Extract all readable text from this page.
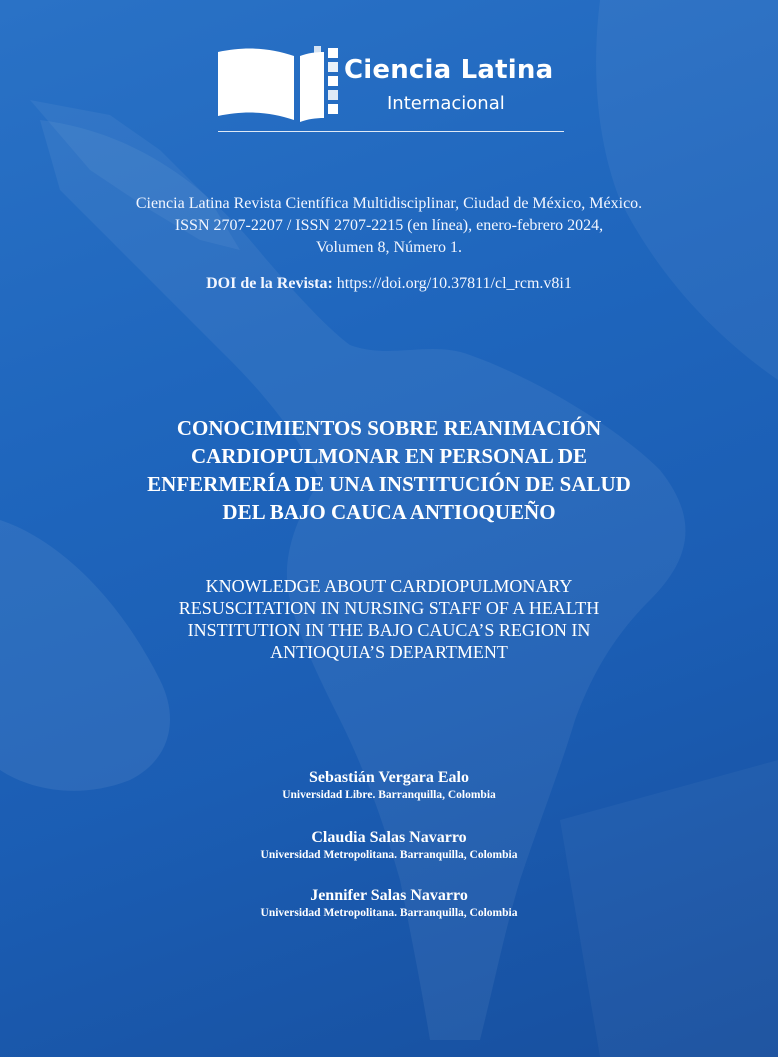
Ciencia Latina
Internacional
Ciencia Latina Revista Científica Multidisciplinar, Ciudad de México, México.
ISSN 2707-2207 / ISSN 2707-2215 (en línea), enero-febrero 2024,
Volumen 8, Número 1.
DOI de la Revista: https://doi.org/10.37811/cl_rcm.v8i1
CONOCIMIENTOS SOBRE REANIMACIÓN
CARDIOPULMONAR EN PERSONAL DE
ENFERMERÍA DE UNA INSTITUCIÓN DE SALUD
DEL BAJO CAUCA ANTIOQUEÑO
KNOWLEDGE ABOUT CARDIOPULMONARY
RESUSCITATION IN NURSING STAFF OF A HEALTH
INSTITUTION IN THE BAJO CAUCA’S REGION IN
ANTIOQUIA’S DEPARTMENT
Sebastián Vergara Ealo
Universidad Libre. Barranquilla, Colombia
Claudia Salas Navarro
Universidad Metropolitana. Barranquilla, Colombia
Jennifer Salas Navarro
Universidad Metropolitana. Barranquilla, Colombia
